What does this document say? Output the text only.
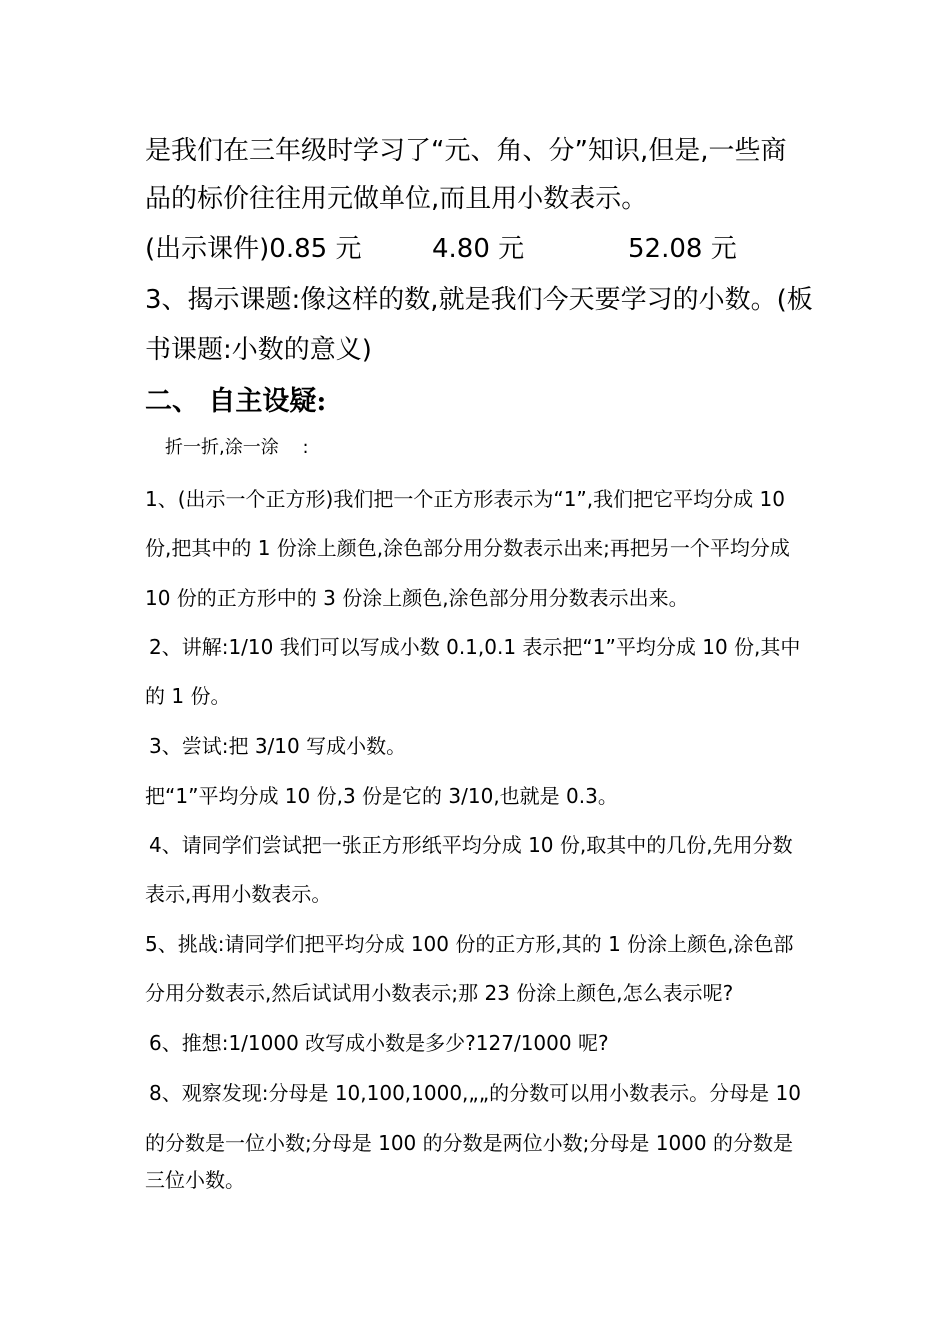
是我们在三年级时学习了“元、角、分”知识,但是,一些商
品的标价往往用元做单位,而且用小数表示。
(出示课件)0.85 元	4.80 元	52.08 元
3、揭示课题:像这样的数,就是我们今天要学习的小数。(板
书课题:小数的意义)
二、 自主设疑:
折一折,涂一涂　 :
1、(出示一个正方形)我们把一个正方形表示为“1”,我们把它平均分成 10
份,把其中的 1 份涂上颜色,涂色部分用分数表示出来;再把另一个平均分成
10 份的正方形中的 3 份涂上颜色,涂色部分用分数表示出来。
2、讲解:1/10 我们可以写成小数 0.1,0.1 表示把“1”平均分成 10 份,其中
的 1 份。
3、尝试:把 3/10 写成小数。
把“1”平均分成 10 份,3 份是它的 3/10,也就是 0.3。
4、请同学们尝试把一张正方形纸平均分成 10 份,取其中的几份,先用分数
表示,再用小数表示。
5、挑战:请同学们把平均分成 100 份的正方形,其的 1 份涂上颜色,涂色部
分用分数表示,然后试试用小数表示;那 23 份涂上颜色,怎么表示呢?
6、推想:1/1000 改写成小数是多少?127/1000 呢?
8、观察发现:分母是 10,100,1000,„„的分数可以用小数表示。分母是 10
的分数是一位小数;分母是 100 的分数是两位小数;分母是 1000 的分数是
三位小数。
